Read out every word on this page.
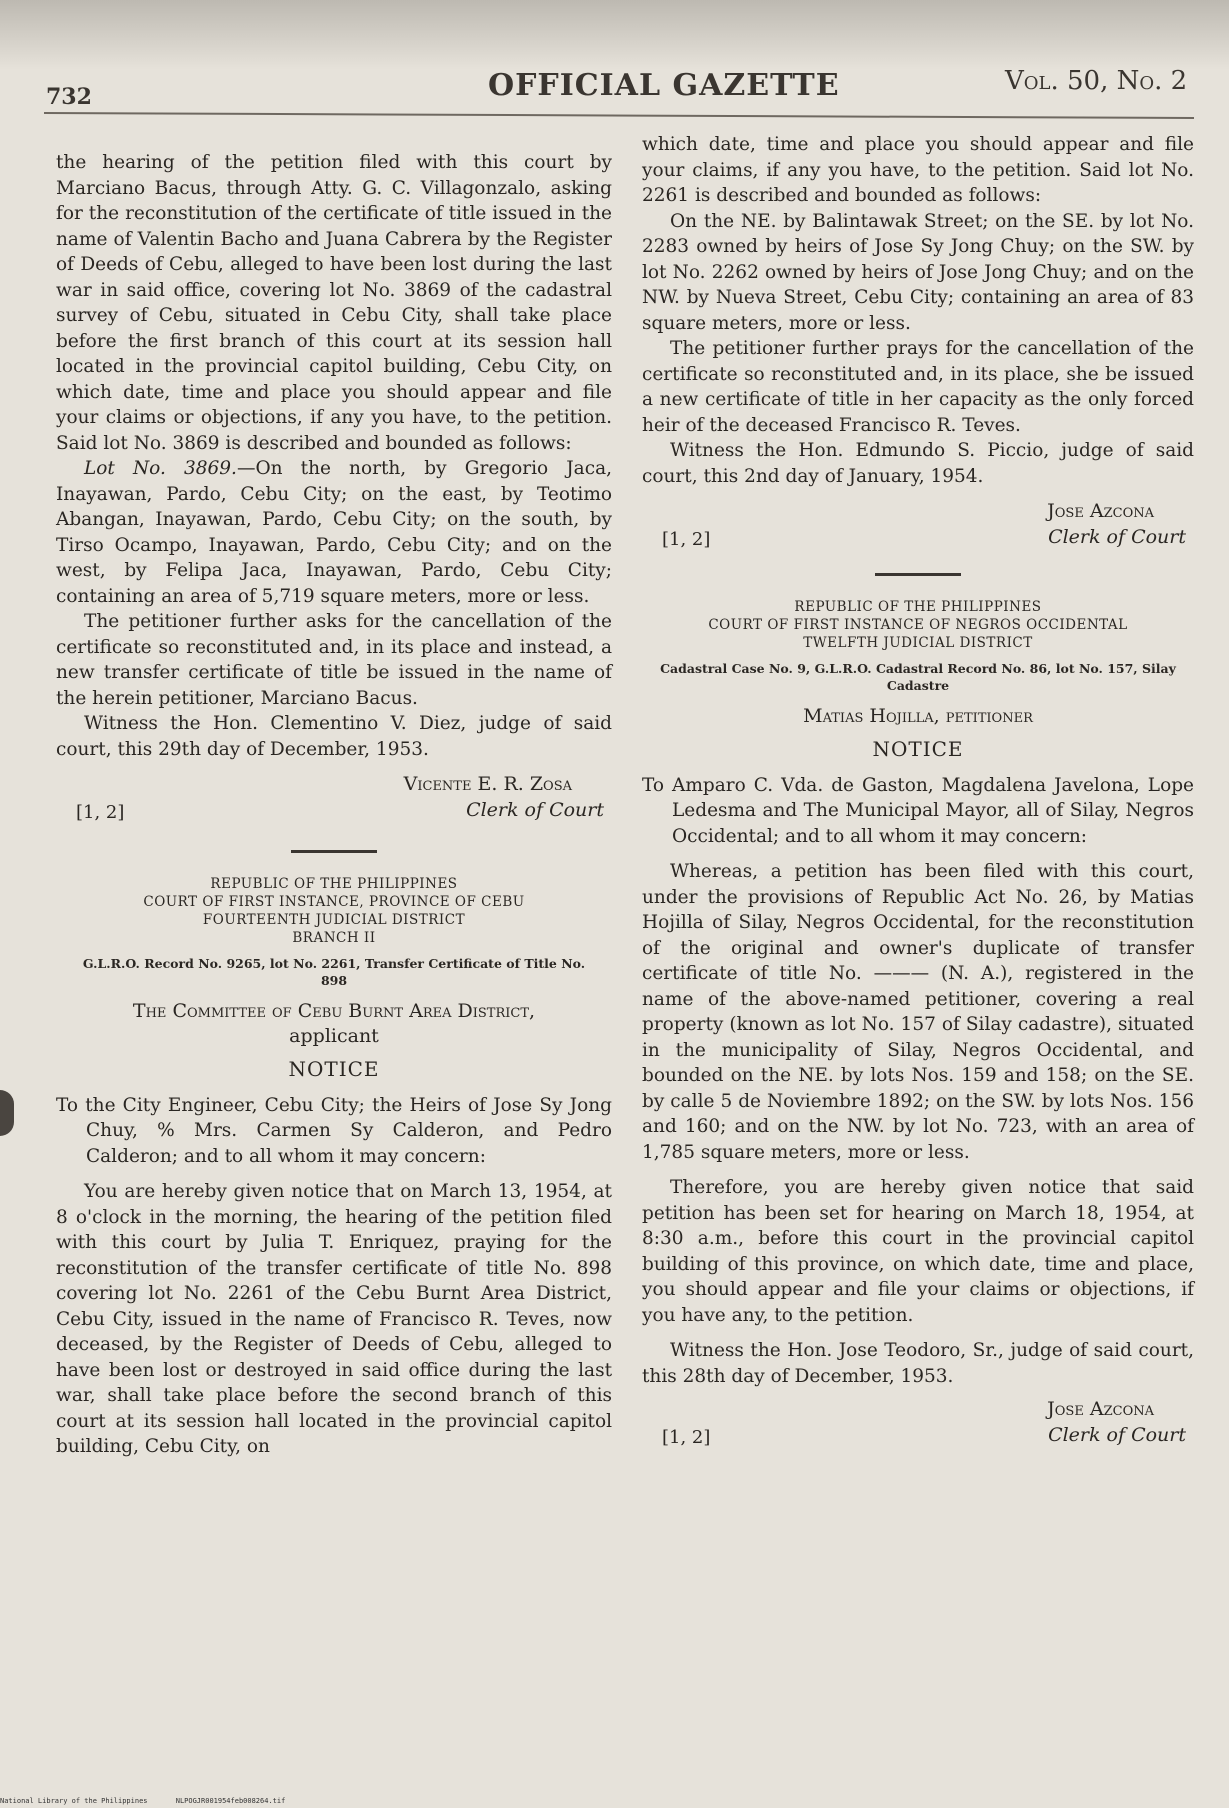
732	OFFICIAL GAZETTE	Vol. 50, No. 2

the hearing of the petition filed with this court by Marciano Bacus, through Atty. G. C. Villagonzalo, asking for the reconstitution of the certificate of title issued in the name of Valentin Bacho and Juana Cabrera by the Register of Deeds of Cebu, alleged to have been lost during the last war in said office, covering lot No. 3869 of the cadastral survey of Cebu, situated in Cebu City, shall take place before the first branch of this court at its session hall located in the provincial capitol building, Cebu City, on which date, time and place you should appear and file your claims or objections, if any you have, to the petition. Said lot No. 3869 is described and bounded as follows:

Lot No. 3869.—On the north, by Gregorio Jaca, Inayawan, Pardo, Cebu City; on the east, by Teotimo Abangan, Inayawan, Pardo, Cebu City; on the south, by Tirso Ocampo, Inayawan, Pardo, Cebu City; and on the west, by Felipa Jaca, Inayawan, Pardo, Cebu City; containing an area of 5,719 square meters, more or less.

The petitioner further asks for the cancellation of the certificate so reconstituted and, in its place and instead, a new transfer certificate of title be issued in the name of the herein petitioner, Marciano Bacus.

Witness the Hon. Clementino V. Diez, judge of said court, this 29th day of December, 1953.

Vicente E. R. Zosa
Clerk of Court
[1, 2]
REPUBLIC OF THE PHILIPPINES
COURT OF FIRST INSTANCE, PROVINCE OF CEBU
FOURTEENTH JUDICIAL DISTRICT
BRANCH II
G.L.R.O. Record No. 9265, lot No. 2261, Transfer Certificate of Title No. 898
The Committee of Cebu Burnt Area District,
applicant
NOTICE

To the City Engineer, Cebu City; the Heirs of Jose Sy Jong Chuy, % Mrs. Carmen Sy Calderon, and Pedro Calderon; and to all whom it may concern:

You are hereby given notice that on March 13, 1954, at 8 o'clock in the morning, the hearing of the petition filed with this court by Julia T. Enriquez, praying for the reconstitution of the transfer certificate of title No. 898 covering lot No. 2261 of the Cebu Burnt Area District, Cebu City, issued in the name of Francisco R. Teves, now deceased, by the Register of Deeds of Cebu, alleged to have been lost or destroyed in said office during the last war, shall take place before the second branch of this court at its session hall located in the provincial capitol building, Cebu City, on

which date, time and place you should appear and file your claims, if any you have, to the petition. Said lot No. 2261 is described and bounded as follows:

On the NE. by Balintawak Street; on the SE. by lot No. 2283 owned by heirs of Jose Sy Jong Chuy; on the SW. by lot No. 2262 owned by heirs of Jose Jong Chuy; and on the NW. by Nueva Street, Cebu City; containing an area of 83 square meters, more or less.

The petitioner further prays for the cancellation of the certificate so reconstituted and, in its place, she be issued a new certificate of title in her capacity as the only forced heir of the deceased Francisco R. Teves.

Witness the Hon. Edmundo S. Piccio, judge of said court, this 2nd day of January, 1954.

Jose Azcona
Clerk of Court
[1, 2]
REPUBLIC OF THE PHILIPPINES
COURT OF FIRST INSTANCE OF NEGROS OCCIDENTAL
TWELFTH JUDICIAL DISTRICT
Cadastral Case No. 9, G.L.R.O. Cadastral Record No. 86, lot No. 157, Silay Cadastre
Matias Hojilla, petitioner
NOTICE

To Amparo C. Vda. de Gaston, Magdalena Javelona, Lope Ledesma and The Municipal Mayor, all of Silay, Negros Occidental; and to all whom it may concern:

Whereas, a petition has been filed with this court, under the provisions of Republic Act No. 26, by Matias Hojilla of Silay, Negros Occidental, for the reconstitution of the original and owner's duplicate of transfer certificate of title No. ——— (N. A.), registered in the name of the above-named petitioner, covering a real property (known as lot No. 157 of Silay cadastre), situated in the municipality of Silay, Negros Occidental, and bounded on the NE. by lots Nos. 159 and 158; on the SE. by calle 5 de Noviembre 1892; on the SW. by lots Nos. 156 and 160; and on the NW. by lot No. 723, with an area of 1,785 square meters, more or less.

Therefore, you are hereby given notice that said petition has been set for hearing on March 18, 1954, at 8:30 a.m., before this court in the provincial capitol building of this province, on which date, time and place, you should appear and file your claims or objections, if you have any, to the petition.

Witness the Hon. Jose Teodoro, Sr., judge of said court, this 28th day of December, 1953.

Jose Azcona
Clerk of Court
[1, 2]
National Library of the Philippines	NLPOGJR001954feb008264.tif
